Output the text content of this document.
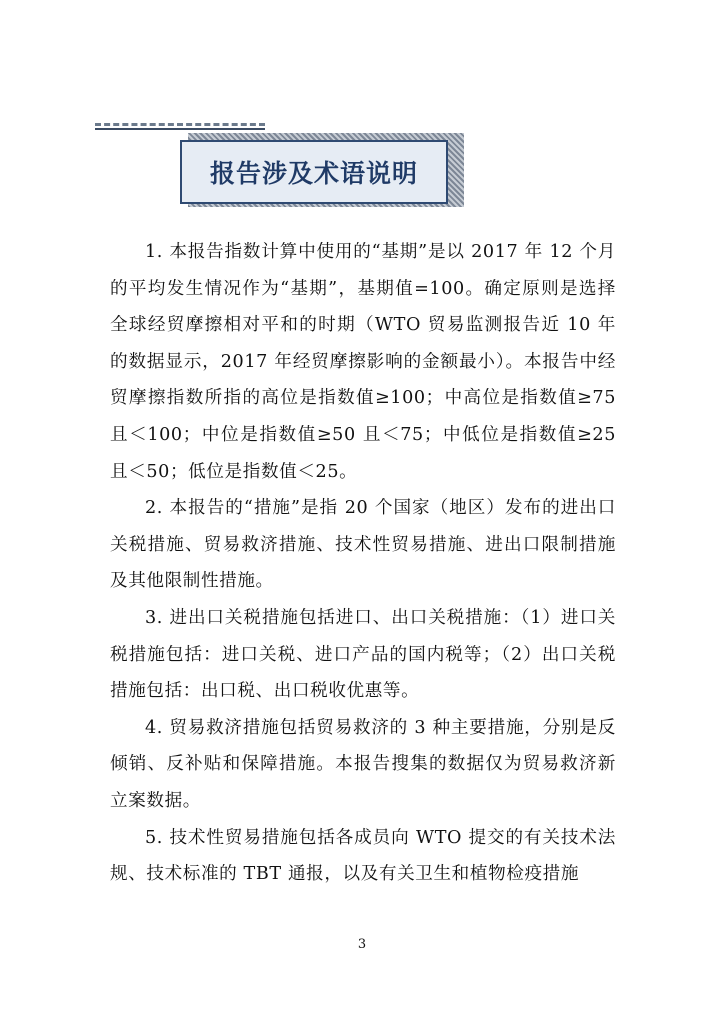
报告涉及术语说明

1. 本报告指数计算中使用的“基期”是以 2017 年 12 个月的平均发生情况作为“基期”，基期值=100。确定原则是选择全球经贸摩擦相对平和的时期（WTO 贸易监测报告近 10 年的数据显示，2017 年经贸摩擦影响的金额最小）。本报告中经贸摩擦指数所指的高位是指数值≥100；中高位是指数值≥75 且＜100；中位是指数值≥50 且＜75；中低位是指数值≥25 且＜50；低位是指数值＜25。

2. 本报告的“措施”是指 20 个国家（地区）发布的进出口关税措施、贸易救济措施、技术性贸易措施、进出口限制措施及其他限制性措施。

3. 进出口关税措施包括进口、出口关税措施：（1）进口关税措施包括：进口关税、进口产品的国内税等；（2）出口关税措施包括：出口税、出口税收优惠等。

4. 贸易救济措施包括贸易救济的 3 种主要措施，分别是反倾销、反补贴和保障措施。本报告搜集的数据仅为贸易救济新立案数据。

5. 技术性贸易措施包括各成员向 WTO 提交的有关技术法规、技术标准的 TBT 通报，以及有关卫生和植物检疫措施

3
